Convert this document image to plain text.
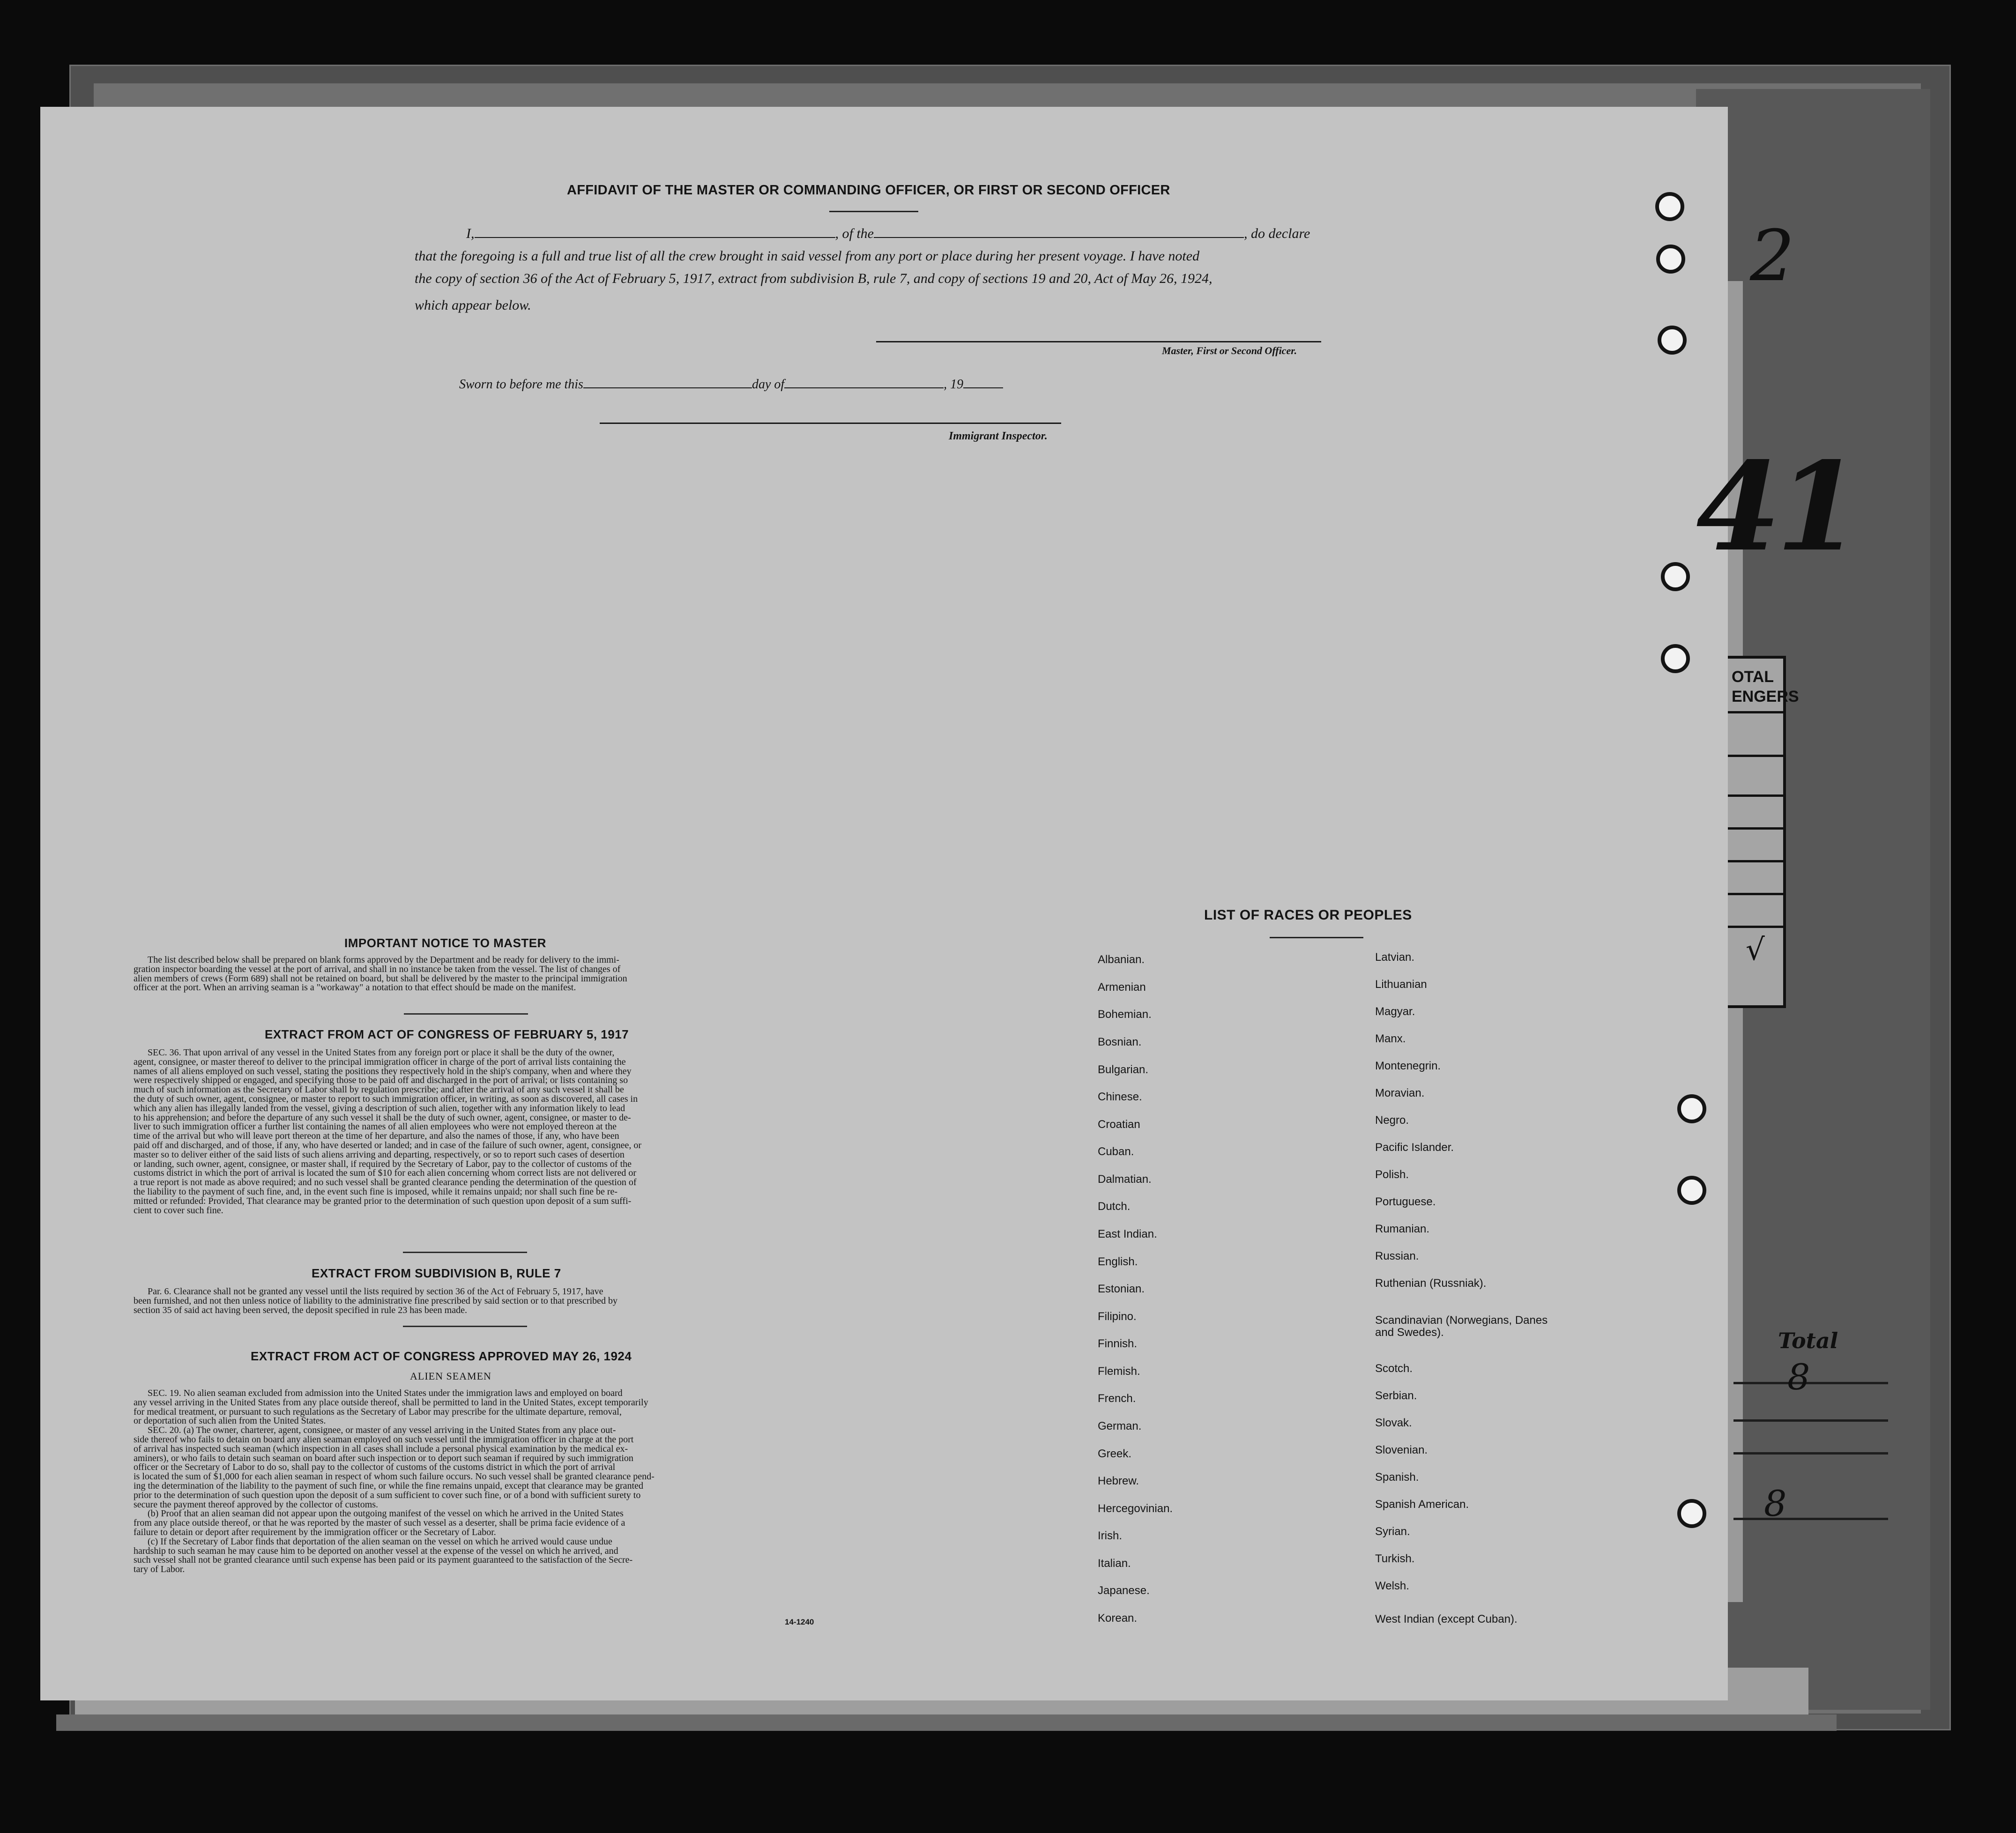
OTAL
ENGERS
√
2
41
Total
8
8
AFFIDAVIT OF THE MASTER OR COMMANDING OFFICER, OR FIRST OR SECOND OFFICER
I,	, of the	, do declare
that the foregoing is a full and true list of all the crew brought in said vessel from any port or place during her present voyage. I have noted
the copy of section 36 of the Act of February 5, 1917, extract from subdivision B, rule 7, and copy of sections 19 and 20, Act of May 26, 1924,
which appear below.
Master, First or Second Officer.
Sworn to before me this	day of	, 19
Immigrant Inspector.
IMPORTANT NOTICE TO MASTER
The list described below shall be prepared on blank forms approved by the Department and be ready for delivery to the immi-
gration inspector boarding the vessel at the port of arrival, and shall in no instance be taken from the vessel. The list of changes of
alien members of crews (Form 689) shall not be retained on board, but shall be delivered by the master to the principal immigration
officer at the port. When an arriving seaman is a "workaway" a notation to that effect should be made on the manifest.
EXTRACT FROM ACT OF CONGRESS OF FEBRUARY 5, 1917
SEC. 36. That upon arrival of any vessel in the United States from any foreign port or place it shall be the duty of the owner,
agent, consignee, or master thereof to deliver to the principal immigration officer in charge of the port of arrival lists containing the
names of all aliens employed on such vessel, stating the positions they respectively hold in the ship's company, when and where they
were respectively shipped or engaged, and specifying those to be paid off and discharged in the port of arrival; or lists containing so
much of such information as the Secretary of Labor shall by regulation prescribe; and after the arrival of any such vessel it shall be
the duty of such owner, agent, consignee, or master to report to such immigration officer, in writing, as soon as discovered, all cases in
which any alien has illegally landed from the vessel, giving a description of such alien, together with any information likely to lead
to his apprehension; and before the departure of any such vessel it shall be the duty of such owner, agent, consignee, or master to de-
liver to such immigration officer a further list containing the names of all alien employees who were not employed thereon at the
time of the arrival but who will leave port thereon at the time of her departure, and also the names of those, if any, who have been
paid off and discharged, and of those, if any, who have deserted or landed; and in case of the failure of such owner, agent, consignee, or
master so to deliver either of the said lists of such aliens arriving and departing, respectively, or so to report such cases of desertion
or landing, such owner, agent, consignee, or master shall, if required by the Secretary of Labor, pay to the collector of customs of the
customs district in which the port of arrival is located the sum of $10 for each alien concerning whom correct lists are not delivered or
a true report is not made as above required; and no such vessel shall be granted clearance pending the determination of the question of
the liability to the payment of such fine, and, in the event such fine is imposed, while it remains unpaid; nor shall such fine be re-
mitted or refunded: Provided, That clearance may be granted prior to the determination of such question upon deposit of a sum suffi-
cient to cover such fine.
EXTRACT FROM SUBDIVISION B, RULE 7
Par. 6. Clearance shall not be granted any vessel until the lists required by section 36 of the Act of February 5, 1917, have
been furnished, and not then unless notice of liability to the administrative fine prescribed by said section or to that prescribed by
section 35 of said act having been served, the deposit specified in rule 23 has been made.
EXTRACT FROM ACT OF CONGRESS APPROVED MAY 26, 1924
ALIEN SEAMEN
SEC. 19. No alien seaman excluded from admission into the United States under the immigration laws and employed on board
any vessel arriving in the United States from any place outside thereof, shall be permitted to land in the United States, except temporarily
for medical treatment, or pursuant to such regulations as the Secretary of Labor may prescribe for the ultimate departure, removal,
or deportation of such alien from the United States.
SEC. 20. (a) The owner, charterer, agent, consignee, or master of any vessel arriving in the United States from any place out-
side thereof who fails to detain on board any alien seaman employed on such vessel until the immigration officer in charge at the port
of arrival has inspected such seaman (which inspection in all cases shall include a personal physical examination by the medical ex-
aminers), or who fails to detain such seaman on board after such inspection or to deport such seaman if required by such immigration
officer or the Secretary of Labor to do so, shall pay to the collector of customs of the customs district in which the port of arrival
is located the sum of $1,000 for each alien seaman in respect of whom such failure occurs. No such vessel shall be granted clearance pend-
ing the determination of the liability to the payment of such fine, or while the fine remains unpaid, except that clearance may be granted
prior to the determination of such question upon the deposit of a sum sufficient to cover such fine, or of a bond with sufficient surety to
secure the payment thereof approved by the collector of customs.
(b) Proof that an alien seaman did not appear upon the outgoing manifest of the vessel on which he arrived in the United States
from any place outside thereof, or that he was reported by the master of such vessel as a deserter, shall be prima facie evidence of a
failure to detain or deport after requirement by the immigration officer or the Secretary of Labor.
(c) If the Secretary of Labor finds that deportation of the alien seaman on the vessel on which he arrived would cause undue
hardship to such seaman he may cause him to be deported on another vessel at the expense of the vessel on which he arrived, and
such vessel shall not be granted clearance until such expense has been paid or its payment guaranteed to the satisfaction of the Secre-
tary of Labor.
14-1240
LIST OF RACES OR PEOPLES
Albanian.
Armenian
Bohemian.
Bosnian.
Bulgarian.
Chinese.
Croatian
Cuban.
Dalmatian.
Dutch.
East Indian.
English.
Estonian.
Filipino.
Finnish.
Flemish.
French.
German.
Greek.
Hebrew.
Hercegovinian.
Irish.
Italian.
Japanese.
Korean.
Latvian.
Lithuanian
Magyar.
Manx.
Montenegrin.
Moravian.
Negro.
Pacific Islander.
Polish.
Portuguese.
Rumanian.
Russian.
Ruthenian (Russniak).
Scandinavian (Norwegians, Danes and Swedes).
Scotch.
Serbian.
Slovak.
Slovenian.
Spanish.
Spanish American.
Syrian.
Turkish.
Welsh.
West Indian (except Cuban).
